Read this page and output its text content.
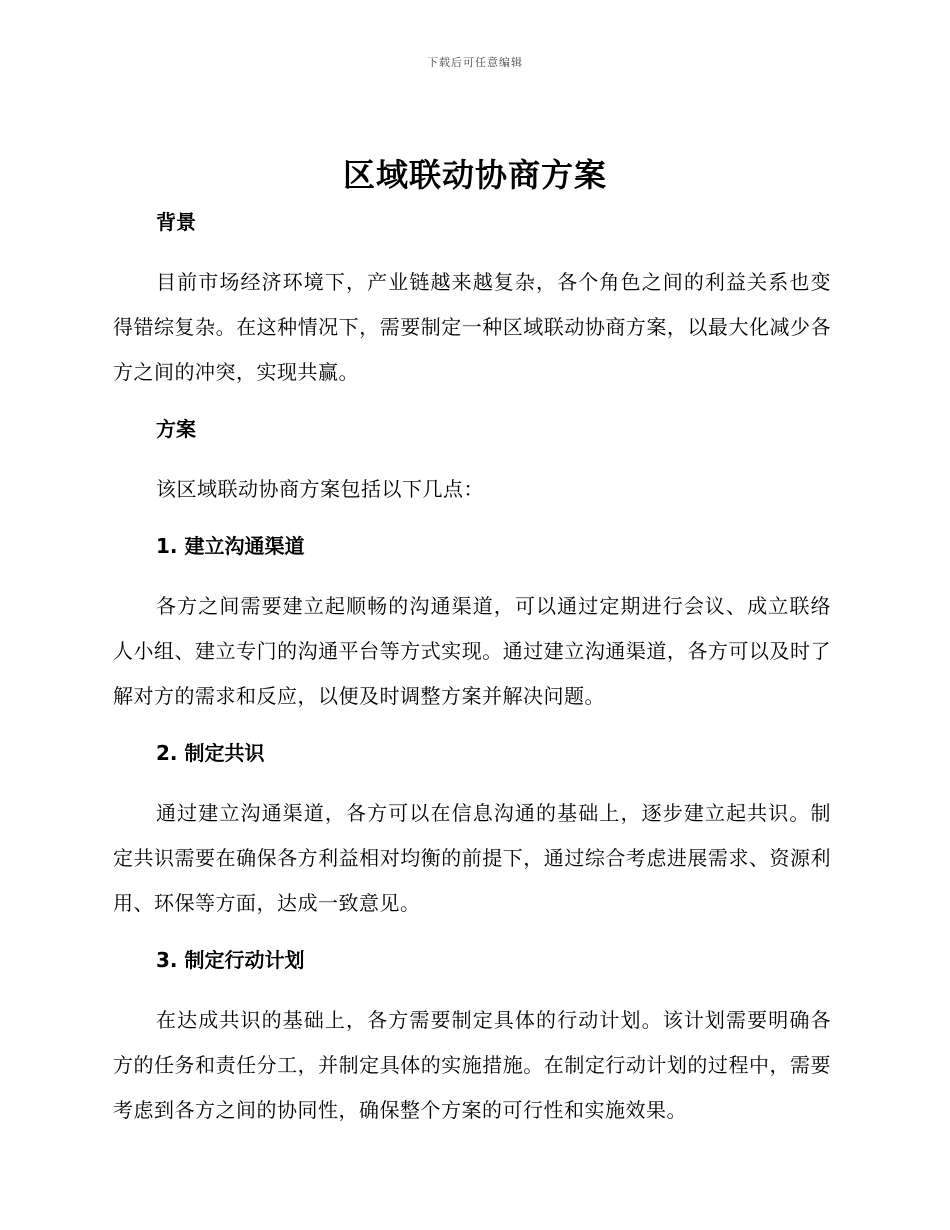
下载后可任意编辑
区域联动协商方案
背景

目前市场经济环境下，产业链越来越复杂，各个角色之间的利益关系也变得错综复杂。在这种情况下，需要制定一种区域联动协商方案，以最大化减少各方之间的冲突，实现共赢。

方案

该区域联动协商方案包括以下几点：

1. 建立沟通渠道

各方之间需要建立起顺畅的沟通渠道，可以通过定期进行会议、成立联络人小组、建立专门的沟通平台等方式实现。通过建立沟通渠道，各方可以及时了解对方的需求和反应，以便及时调整方案并解决问题。

2. 制定共识

通过建立沟通渠道，各方可以在信息沟通的基础上，逐步建立起共识。制定共识需要在确保各方利益相对均衡的前提下，通过综合考虑进展需求、资源利用、环保等方面，达成一致意见。

3. 制定行动计划

在达成共识的基础上，各方需要制定具体的行动计划。该计划需要明确各方的任务和责任分工，并制定具体的实施措施。在制定行动计划的过程中，需要考虑到各方之间的协同性，确保整个方案的可行性和实施效果。
